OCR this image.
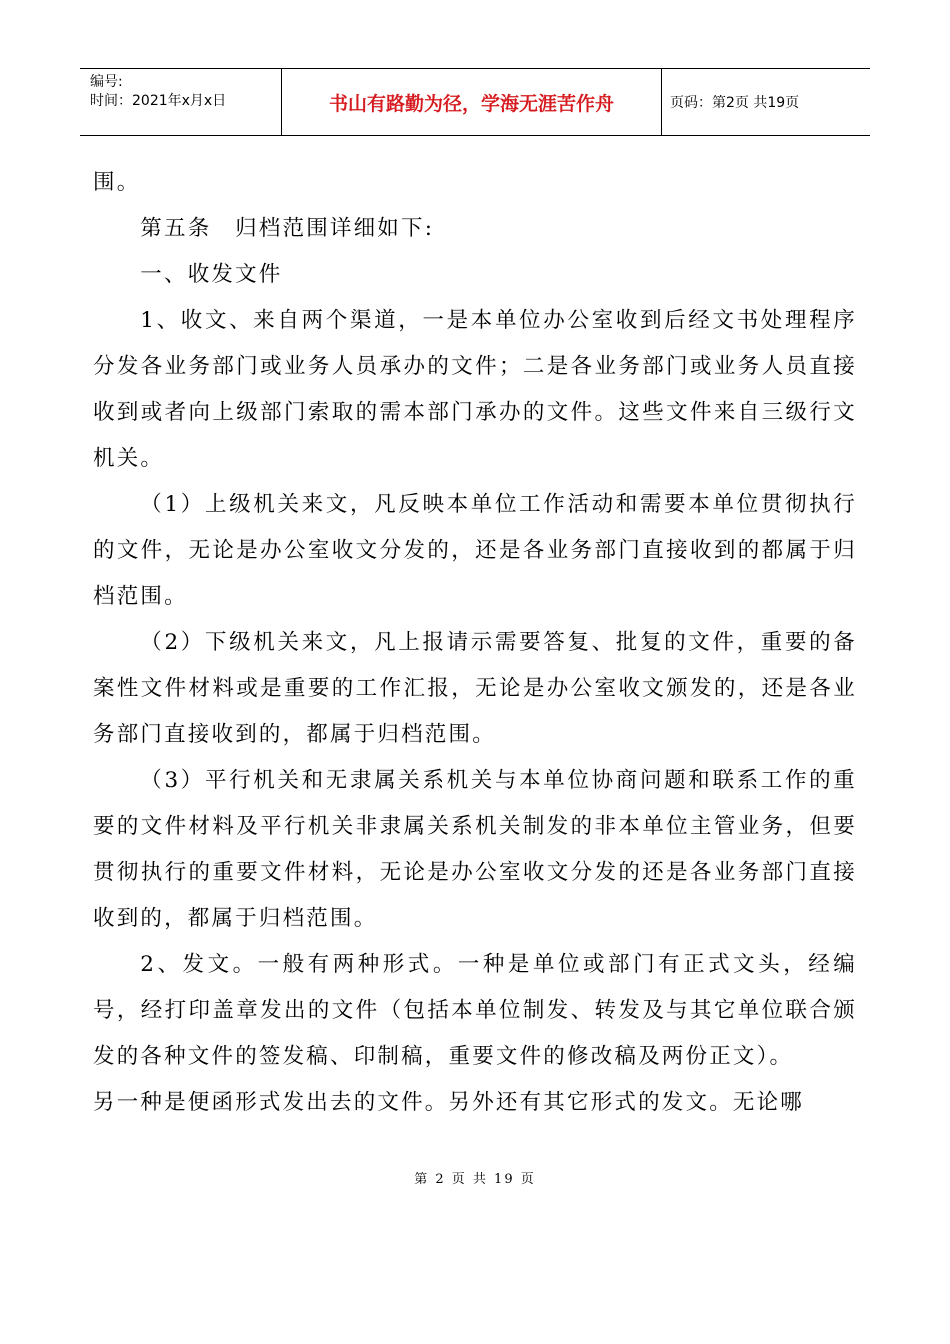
编号:
时间：2021年x月x日	书山有路勤为径，学海无涯苦作舟	页码：第2页 共19页

围。

第五条　归档范围详细如下:

一、收发文件

1、收文、来自两个渠道，一是本单位办公室收到后经文书处理程序分发各业务部门或业务人员承办的文件；二是各业务部门或业务人员直接收到或者向上级部门索取的需本部门承办的文件。这些文件来自三级行文机关。

（1）上级机关来文，凡反映本单位工作活动和需要本单位贯彻执行的文件，无论是办公室收文分发的，还是各业务部门直接收到的都属于归档范围。

（2）下级机关来文，凡上报请示需要答复、批复的文件，重要的备案性文件材料或是重要的工作汇报，无论是办公室收文颁发的，还是各业务部门直接收到的，都属于归档范围。

（3）平行机关和无隶属关系机关与本单位协商问题和联系工作的重要的文件材料及平行机关非隶属关系机关制发的非本单位主管业务，但要贯彻执行的重要文件材料，无论是办公室收文分发的还是各业务部门直接收到的，都属于归档范围。

2、发文。一般有两种形式。一种是单位或部门有正式文头，经编号，经打印盖章发出的文件（包括本单位制发、转发及与其它单位联合颁发的各种文件的签发稿、印制稿，重要文件的修改稿及两份正文）。

另一种是便函形式发出去的文件。另外还有其它形式的发文。无论哪

第 2 页 共 19 页
